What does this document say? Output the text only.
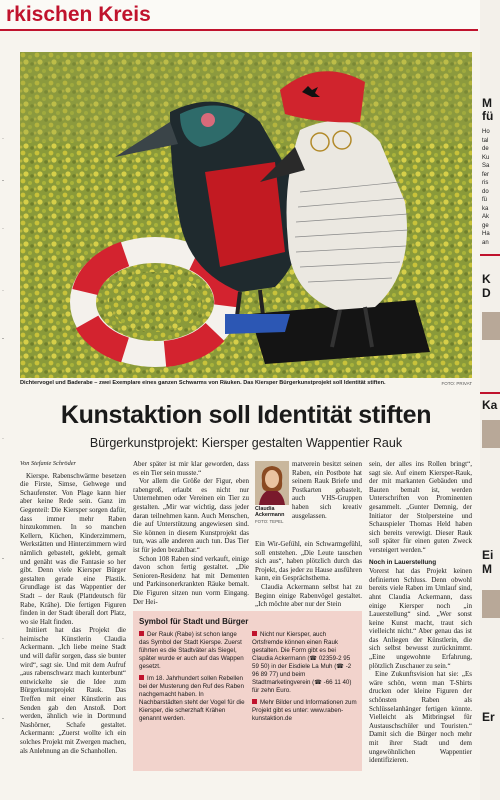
rkischen Kreis
·
-
·
·
-
·
-
·
-
Dichtervogel und Baderabe – zwei Exemplare eines ganzen Schwarms von Räuken. Das Kiersper Bürgerkunstprojekt soll Identität stiften.	FOTO: PRIVAT
Kunstaktion soll Identität stiften
Bürgerkunstprojekt: Kiersper gestalten Wappentier Rauk

Von Stefanie Schröder

Kierspe. Rabenschwärme besetzen die Firste, Simse, Gehwege und Schaufenster. Von Plage kann hier aber keine Rede sein. Ganz im Gegenteil: Die Kiersper sorgen dafür, dass immer mehr Raben hinzukommen. In so manchen Kellern, Küchen, Kinderzimmern, Werkstätten und Hinterzimmern wird nämlich gebastelt, geklebt, gemalt und genäht was die Fantasie so her gibt. Denn viele Kiersper Bürger gestalten gerade eine Plastik. Grundlage ist das Wappentier der Stadt – der Rauk (Plattdeutsch für Rabe, Krähe). Die fertigen Figuren finden in der Stadt überall dort Platz, wo sie Halt finden.

Initiiert hat das Projekt die heimische Künstlerin Claudia Ackermann. „Ich liebe meine Stadt und will dafür sorgen, dass sie bunter wird“, sagt sie. Und mit dem Aufruf „aus rabenschwarz mach kunterbunt“ entwickelte sie die Idee zum Bürgerkunstprojekt Rauk. Das Treffen mit einer Künstlerin aus Senden gab den Anstoß. Dort werden, ähnlich wie in Dortmund Nashörner, Schafe gestaltet. Ackermann: „Zuerst wollte ich ein solches Projekt mit Zwergen machen, als Anlehnung an die Schanhollen.

Aber später ist mir klar geworden, dass es ein Tier sein musste.“

Vor allem die Größe der Figur, eben rabengroß, erlaubt es nicht nur Unternehmen oder Vereinen ein Tier zu gestalten. „Mir war wichtig, dass jeder daran teilnehmen kann. Auch Menschen, die auf Unterstützung angewiesen sind. Sie können in diesem Kunstprojekt das tun, was alle anderen auch tun. Das Tier ist für jeden bezahlbar.“

Schon 108 Raben sind verkauft, einige davon schon fertig gestaltet. „Die Senioren-Residenz hat mit Dementen und Parkinsonerkrankten Räuke bemalt. Die Figuren sitzen nun vorm Eingang. Der Hei-

Claudia Ackermann FOTO: TEPEL

matverein besitzt seinen Raben, ein Postbote hat seinem Rauk Briefe und Postkarten gebastelt, auch VHS-Gruppen haben sich kreativ ausgelassen.

Ein Wir-Gefühl, ein Schwarmgefühl, soll entstehen. „Die Leute tauschen sich aus“, haben plötzlich durch das Projekt, das jeder zu Hause ausführen kann, ein Gesprächsthema.

Claudia Ackermann selbst hat zu Beginn einige Rabenvögel gestaltet. „Ich möchte aber nur der Stein

sein, der alles ins Rollen bringt“, sagt sie. Auf einem Kiersper-Rauk, der mit markanten Gebäuden und Bauten bemalt ist, werden Unterschriften von Prominenten gesammelt. „Gunter Demnig, der Initiator der Stolpersteine und Schauspieler Thomas Held haben sich bereits verewigt. Dieser Rauk soll später für einen guten Zweck versteigert werden.“

Noch in Lauerstellung

Vorerst hat das Projekt keinen definierten Schluss. Denn obwohl bereits viele Raben im Umlauf sind, ahnt Claudia Ackermann, dass einige Kiersper noch „in Lauerstellung“ sind. „Wer sonst keine Kunst macht, traut sich vielleicht nicht.“ Aber genau das ist das Anliegen der Künstlerin, die sich selbst bewusst zurücknimmt. „Eine ungewohnte Erfahrung, plötzlich Zuschauer zu sein.“

Eine Zukunftsvision hat sie: „Es wäre schön, wenn man T-Shirts drucken oder kleine Figuren der schönsten Raben als Schlüsselanhänger fertigen könnte. Vielleicht als Mitbringsel für Austauschschüler und Touristen.“ Damit sich die Bürger noch mehr mit ihrer Stadt und dem ungewöhnlichen Wappentier identifizieren.

Symbol für Stadt und Bürger

Der Rauk (Rabe) ist schon lange das Symbol der Stadt Kierspe. Zuerst führten es die Stadtväter als Siegel, später wurde er auch auf das Wappen gesetzt.

Im 18. Jahrhundert sollen Rebellen bei der Musterung den Ruf des Raben nachgemacht haben. In Nachbarstädten steht der Vogel für die Kiersper, die scherzhaft Krähen genannt werden.

Nicht nur Kiersper, auch Ortsfremde können einen Rauk gestalten. Die Form gibt es bei Claudia Ackermann (☎ 02359-2 95 59 50) in der Eisdiele La Muh (☎ -2 96 89 77) und beim Stadtmarketingverein (☎ -66 11 40) für zehn Euro.

Mehr Bilder und Informationen zum Projekt gibt es unter: www.raben-kunstaktion.de

M
fü
Ho
tal
de
Ku
Sa
fer
ris
do
fü
ka
Ak
ge
Ha
an
K
D
Ka
Ei
M
Er
